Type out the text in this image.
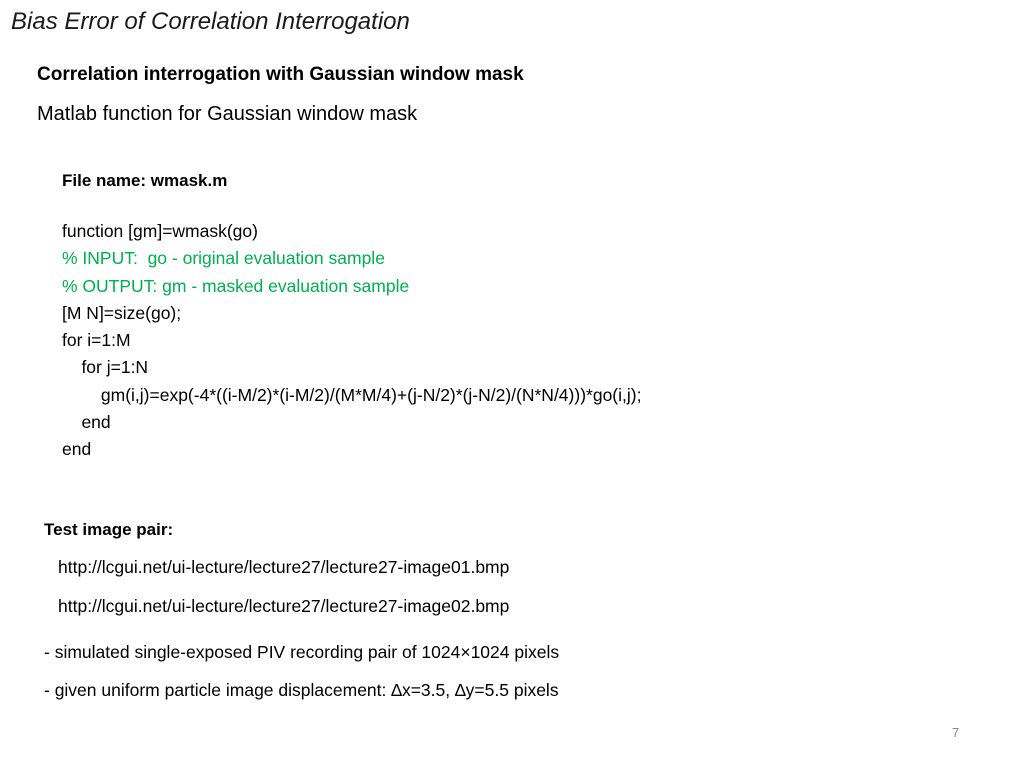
Bias Error of Correlation Interrogation
Correlation interrogation with Gaussian window mask
Matlab function for Gaussian window mask
File name: wmask.m
function [gm]=wmask(go)
% INPUT:  go - original evaluation sample
% OUTPUT: gm - masked evaluation sample
[M N]=size(go);
for i=1:M
for j=1:N
gm(i,j)=exp(-4*((i-M/2)*(i-M/2)/(M*M/4)+(j-N/2)*(j-N/2)/(N*N/4)))*go(i,j);
end
end
Test image pair:
http://lcgui.net/ui-lecture/lecture27/lecture27-image01.bmp
http://lcgui.net/ui-lecture/lecture27/lecture27-image02.bmp
- simulated single-exposed PIV recording pair of 1024×1024 pixels
- given uniform particle image displacement: ∆x=3.5, ∆y=5.5 pixels
7
